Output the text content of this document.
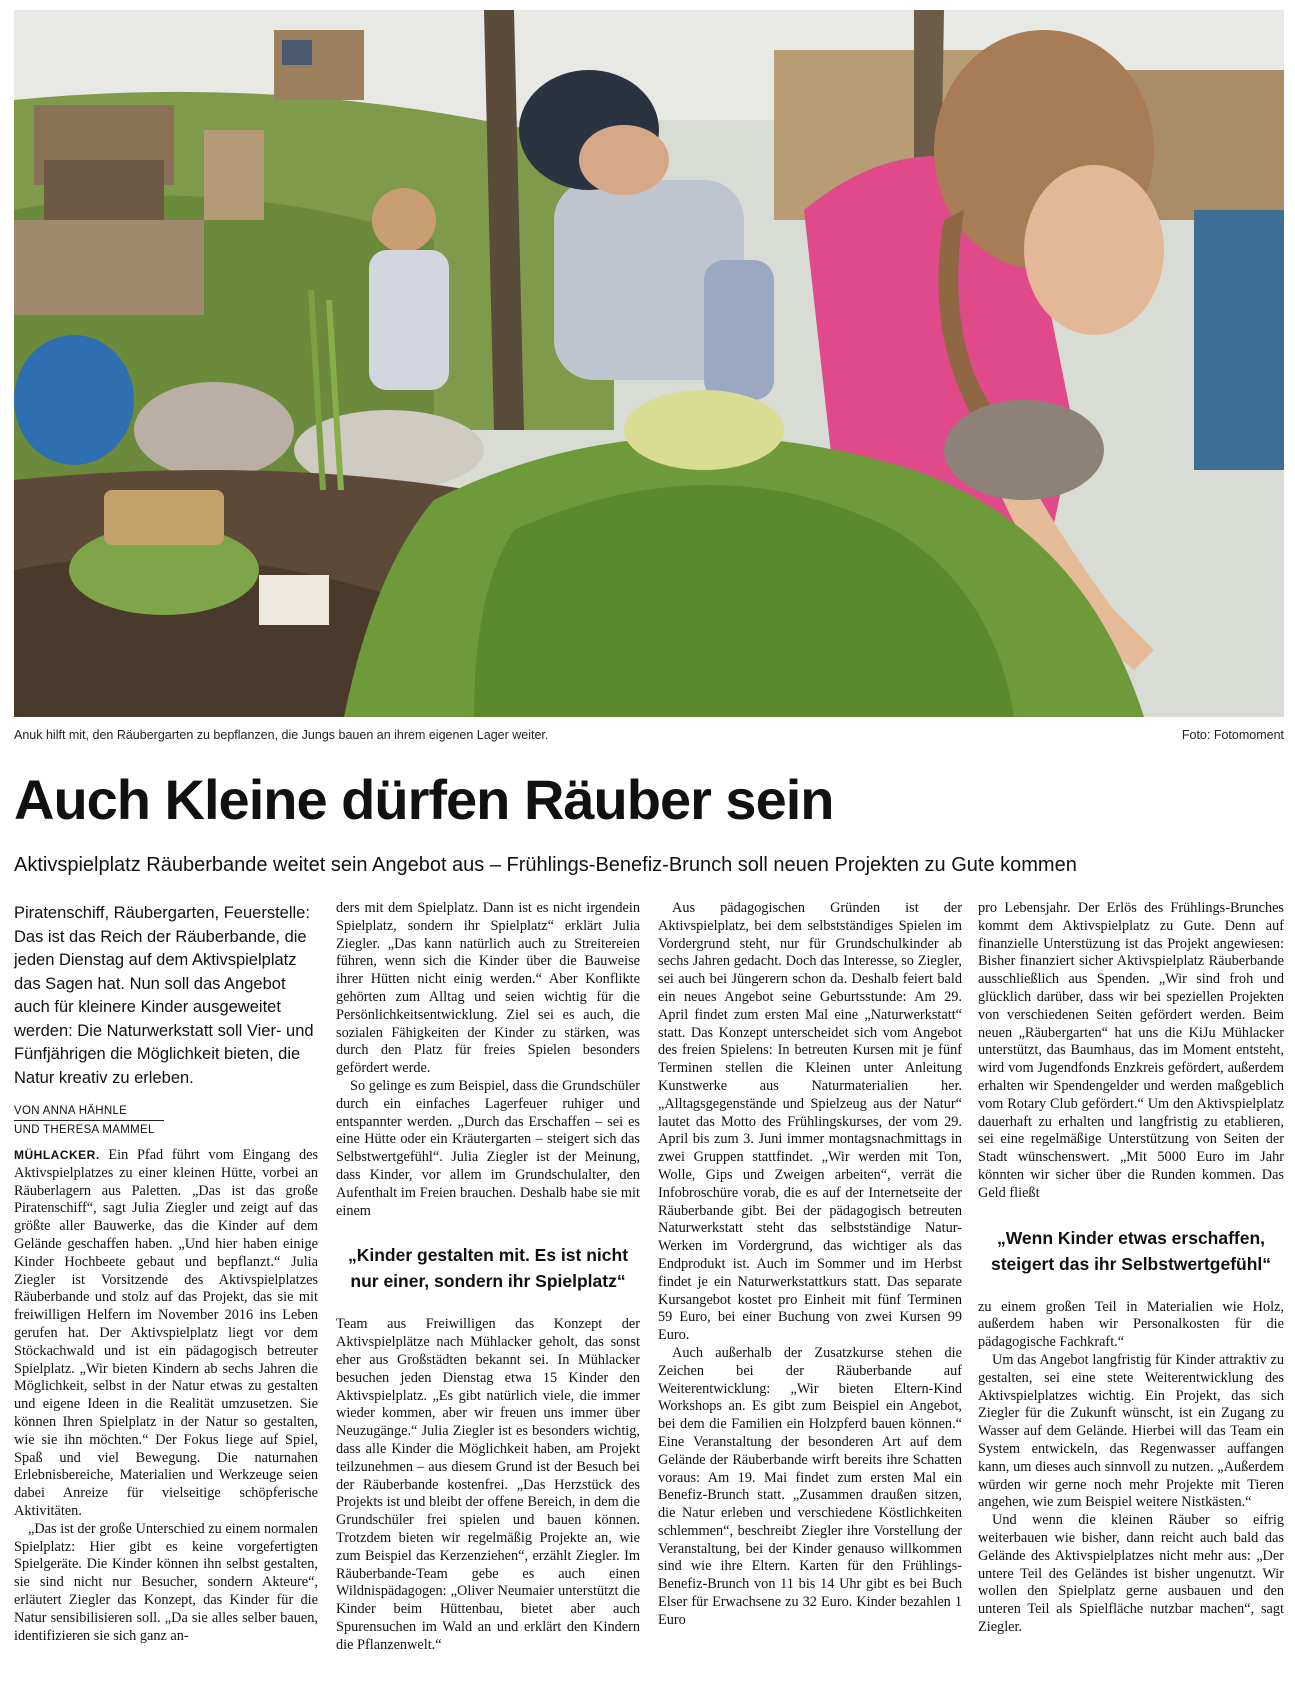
Anuk hilft mit, den Räubergarten zu bepflanzen, die Jungs bauen an ihrem eigenen Lager weiter.	Foto: Fotomoment
Auch Kleine dürfen Räuber sein
Aktivspielplatz Räuberbande weitet sein Angebot aus – Frühlings-Benefiz-Brunch soll neuen Projekten zu Gute kommen
Piratenschiff, Räubergarten, Feuerstelle: Das ist das Reich der Räuberbande, die jeden Dienstag auf dem Aktivspielplatz das Sagen hat. Nun soll das Angebot auch für kleinere Kinder ausgeweitet werden: Die Naturwerkstatt soll Vier- und Fünfjährigen die Möglichkeit bieten, die Natur kreativ zu erleben.
VON ANNA HÄHNLE
UND THERESA MAMMEL

MÜHLACKER. Ein Pfad führt vom Eingang des Aktivspielplatzes zu einer kleinen Hütte, vorbei an Räuberlagern aus Paletten. „Das ist das große Piratenschiff“, sagt Julia Ziegler und zeigt auf das größte aller Bauwerke, das die Kinder auf dem Gelände geschaffen haben. „Und hier haben einige Kinder Hochbeete gebaut und bepflanzt.“ Julia Ziegler ist Vorsitzende des Aktivspielplatzes Räuberbande und stolz auf das Projekt, das sie mit freiwilligen Helfern im November 2016 ins Leben gerufen hat. Der Aktivspielplatz liegt vor dem Stöckachwald und ist ein pädagogisch betreuter Spielplatz. „Wir bieten Kindern ab sechs Jahren die Möglichkeit, selbst in der Natur etwas zu gestalten und eigene Ideen in die Realität umzusetzen. Sie können Ihren Spielplatz in der Natur so gestalten, wie sie ihn möchten.“ Der Fokus liege auf Spiel, Spaß und viel Bewegung. Die naturnahen Erlebnisbereiche, Materialien und Werkzeuge seien dabei Anreize für vielseitige schöpferische Aktivitäten.

„Das ist der große Unterschied zu einem normalen Spielplatz: Hier gibt es keine vorgefertigten Spielgeräte. Die Kinder können ihn selbst gestalten, sie sind nicht nur Besucher, sondern Akteure“, erläutert Ziegler das Konzept, das Kinder für die Natur sensibilisieren soll. „Da sie alles selber bauen, identifizieren sie sich ganz an-

ders mit dem Spielplatz. Dann ist es nicht irgendein Spielplatz, sondern ihr Spielplatz“ erklärt Julia Ziegler. „Das kann natürlich auch zu Streitereien führen, wenn sich die Kinder über die Bauweise ihrer Hütten nicht einig werden.“ Aber Konflikte gehörten zum Alltag und seien wichtig für die Persönlichkeitsentwicklung. Ziel sei es auch, die sozialen Fähigkeiten der Kinder zu stärken, was durch den Platz für freies Spielen besonders gefördert werde.

So gelinge es zum Beispiel, dass die Grundschüler durch ein einfaches Lagerfeuer ruhiger und entspannter werden. „Durch das Erschaffen – sei es eine Hütte oder ein Kräutergarten – steigert sich das Selbstwertgefühl“. Julia Ziegler ist der Meinung, dass Kinder, vor allem im Grundschulalter, den Aufenthalt im Freien brauchen. Deshalb habe sie mit einem

„Kinder gestalten mit. Es ist nicht nur einer, sondern ihr Spielplatz“

Team aus Freiwilligen das Konzept der Aktivspielplätze nach Mühlacker geholt, das sonst eher aus Großstädten bekannt sei. In Mühlacker besuchen jeden Dienstag etwa 15 Kinder den Aktivspielplatz. „Es gibt natürlich viele, die immer wieder kommen, aber wir freuen uns immer über Neuzugänge.“ Julia Ziegler ist es besonders wichtig, dass alle Kinder die Möglichkeit haben, am Projekt teilzunehmen – aus diesem Grund ist der Besuch bei der Räuberbande kostenfrei. „Das Herzstück des Projekts ist und bleibt der offene Bereich, in dem die Grundschüler frei spielen und bauen können. Trotzdem bieten wir regelmäßig Projekte an, wie zum Beispiel das Kerzenziehen“, erzählt Ziegler. Im Räuberbande-Team gebe es auch einen Wildnispädagogen: „Oliver Neumaier unterstützt die Kinder beim Hüttenbau, bietet aber auch Spurensuchen im Wald an und erklärt den Kindern die Pflanzenwelt.“

Aus pädagogischen Gründen ist der Aktivspielplatz, bei dem selbstständiges Spielen im Vordergrund steht, nur für Grundschulkinder ab sechs Jahren gedacht. Doch das Interesse, so Ziegler, sei auch bei Jüngerern schon da. Deshalb feiert bald ein neues Angebot seine Geburtsstunde: Am 29. April findet zum ersten Mal eine „Naturwerkstatt“ statt. Das Konzept unterscheidet sich vom Angebot des freien Spielens: In betreuten Kursen mit je fünf Terminen stellen die Kleinen unter Anleitung Kunstwerke aus Naturmaterialien her. „Alltagsgegenstände und Spielzeug aus der Natur“ lautet das Motto des Frühlingskurses, der vom 29. April bis zum 3. Juni immer montagsnachmittags in zwei Gruppen stattfindet. „Wir werden mit Ton, Wolle, Gips und Zweigen arbeiten“, verrät die Infobroschüre vorab, die es auf der Internetseite der Räuberbande gibt. Bei der pädagogisch betreuten Naturwerkstatt steht das selbstständige Natur-Werken im Vordergrund, das wichtiger als das Endprodukt ist. Auch im Sommer und im Herbst findet je ein Naturwerkstattkurs statt. Das separate Kursangebot kostet pro Einheit mit fünf Terminen 59 Euro, bei einer Buchung von zwei Kursen 99 Euro.

Auch außerhalb der Zusatzkurse stehen die Zeichen bei der Räuberbande auf Weiterentwicklung: „Wir bieten Eltern-Kind Workshops an. Es gibt zum Beispiel ein Angebot, bei dem die Familien ein Holzpferd bauen können.“ Eine Veranstaltung der besonderen Art auf dem Gelände der Räuberbande wirft bereits ihre Schatten voraus: Am 19. Mai findet zum ersten Mal ein Benefiz-Brunch statt. „Zusammen draußen sitzen, die Natur erleben und verschiedene Köstlichkeiten schlemmen“, beschreibt Ziegler ihre Vorstellung der Veranstaltung, bei der Kinder genauso willkommen sind wie ihre Eltern. Karten für den Frühlings-Benefiz-Brunch von 11 bis 14 Uhr gibt es bei Buch Elser für Erwachsene zu 32 Euro. Kinder bezahlen 1 Euro

pro Lebensjahr. Der Erlös des Frühlings-Brunches kommt dem Aktivspielplatz zu Gute. Denn auf finanzielle Unterstüzung ist das Projekt angewiesen: Bisher finanziert sicher Aktivspielplatz Räuberbande ausschließlich aus Spenden. „Wir sind froh und glücklich darüber, dass wir bei speziellen Projekten von verschiedenen Seiten gefördert werden. Beim neuen „Räubergarten“ hat uns die KiJu Mühlacker unterstützt, das Baumhaus, das im Moment entsteht, wird vom Jugendfonds Enzkreis gefördert, außerdem erhalten wir Spendengelder und werden maßgeblich vom Rotary Club gefördert.“ Um den Aktivspielplatz dauerhaft zu erhalten und langfristig zu etablieren, sei eine regelmäßige Unterstützung von Seiten der Stadt wünschenswert. „Mit 5000 Euro im Jahr könnten wir sicher über die Runden kommen. Das Geld fließt

„Wenn Kinder etwas erschaffen, steigert das ihr Selbstwertgefühl“

zu einem großen Teil in Materialien wie Holz, außerdem haben wir Personalkosten für die pädagogische Fachkraft.“

Um das Angebot langfristig für Kinder attraktiv zu gestalten, sei eine stete Weiterentwicklung des Aktivspielplatzes wichtig. Ein Projekt, das sich Ziegler für die Zukunft wünscht, ist ein Zugang zu Wasser auf dem Gelände. Hierbei will das Team ein System entwickeln, das Regenwasser auffangen kann, um dieses auch sinnvoll zu nutzen. „Außerdem würden wir gerne noch mehr Projekte mit Tieren angehen, wie zum Beispiel weitere Nistkästen.“

Und wenn die kleinen Räuber so eifrig weiterbauen wie bisher, dann reicht auch bald das Gelände des Aktivspielplatzes nicht mehr aus: „Der untere Teil des Geländes ist bisher ungenutzt. Wir wollen den Spielplatz gerne ausbauen und den unteren Teil als Spielfläche nutzbar machen“, sagt Ziegler.
